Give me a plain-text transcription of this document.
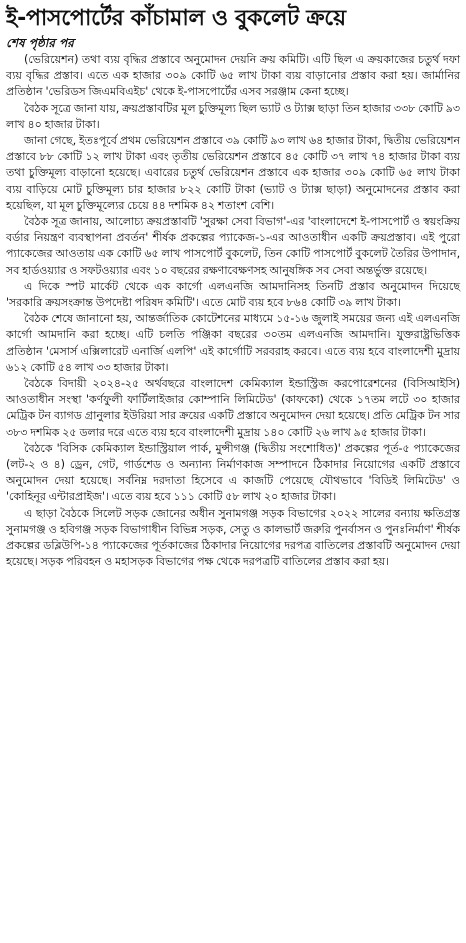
ই-পাসপোর্টের কাঁচামাল ও বুকলেট ক্রয়ে
শেষ পৃষ্ঠার পর

(ভেরিয়েশন) তথা ব্যয় বৃদ্ধির প্রস্তাবে অনুমোদন দেয়নি ক্রয় কমিটি। এটি ছিল এ ক্রয়কাজের চতুর্থ দফা ব্যয় বৃদ্ধির প্রস্তাব। এতে এক হাজার ৩০৯ কোটি ৬৫ লাখ টাকা ব্যয় বাড়ানোর প্রস্তাব করা হয়। জার্মানির প্রতিষ্ঠান 'ভেরিডস জিএমবিএইচ' থেকে ই-পাসপোর্টের এসব সরঞ্জাম কেনা হচ্ছে।

বৈঠক সূত্রে জানা যায়, ক্রয়প্রস্তাবটির মূল চুক্তিমূল্য ছিল ভ্যাট ও ট্যাক্স ছাড়া তিন হাজার ৩৩৮ কোটি ৯৩ লাখ ৪০ হাজার টাকা।

জানা গেছে, ইতঃপূর্বে প্রথম ভেরিয়েশন প্রস্তাবে ৩৯ কোটি ৯৩ লাখ ৬৪ হাজার টাকা, দ্বিতীয় ভেরিয়েশন প্রস্তাবে ৮৮ কোটি ১২ লাখ টাকা এবং তৃতীয় ভেরিয়েশন প্রস্তাবে ৪৫ কোটি ৩৭ লাখ ৭৪ হাজার টাকা ব্যয় তথা চুক্তিমূল্য বাড়ানো হয়েছে। এবারের চতুর্থ ভেরিয়েশন প্রস্তাবে এক হাজার ৩০৯ কোটি ৬৫ লাখ টাকা ব্যয় বাড়িয়ে মোট চুক্তিমূল্য চার হাজার ৮২২ কোটি টাকা (ভ্যাট ও ট্যাক্স ছাড়া) অনুমোদনের প্রস্তাব করা হয়েছিল, যা মূল চুক্তিমূল্যের চেয়ে ৪৪ দশমিক ৪২ শতাংশ বেশি।

বৈঠক সূত্র জানায়, আলোচ্য ক্রয়প্রস্তাবটি 'সুরক্ষা সেবা বিভাগ'-এর 'বাংলাদেশে ই-পাসপোর্ট ও স্বয়ংক্রিয় বর্ডার নিয়ন্ত্রণ ব্যবস্থাপনা প্রবর্তন' শীর্ষক প্রকল্পের প্যাকেজ-১-এর আওতাধীন একটি ক্রয়প্রস্তাব। এই পুরো প্যাকেজের আওতায় এক কোটি ৬৫ লাখ পাসপোর্ট বুকলেট, তিন কোটি পাসপোর্ট বুকলেট তৈরির উপাদান, সব হার্ডওয়্যার ও সফটওয়্যার এবং ১০ বছরের রক্ষণাবেক্ষণসহ আনুষঙ্গিক সব সেবা অন্তর্ভুক্ত রয়েছে।

এ দিকে স্পট মার্কেট থেকে এক কার্গো এলএনজি আমদানিসহ তিনটি প্রস্তাব অনুমোদন দিয়েছে 'সরকারি ক্রয়সংক্রান্ত উপদেষ্টা পরিষদ কমিটি'। এতে মোট ব্যয় হবে ৮৬৪ কোটি ৩৯ লাখ টাকা।

বৈঠক শেষে জানানো হয়, আন্তর্জাতিক কোটেশনের মাধ্যমে ১৫-১৬ জুলাই সময়ের জন্য এই এলএনজি কার্গো আমদানি করা হচ্ছে। এটি চলতি পঞ্জিকা বছরের ৩০তম এলএনজি আমদানি। যুক্তরাষ্ট্রভিত্তিক প্রতিষ্ঠান 'মেসার্স এক্সিলারেট এনার্জি এলপি' এই কার্গোটি সরবরাহ করবে। এতে ব্যয় হবে বাংলাদেশী মুদ্রায় ৬১২ কোটি ৫৪ লাখ ৩৩ হাজার টাকা।

বৈঠকে বিদায়ী ২০২৪-২৫ অর্থবছরে বাংলাদেশ কেমিক্যাল ইন্ডাস্ট্রিজ করপোরেশনের (বিসিআইসি) আওতাধীন সংস্থা 'কর্ণফুলী ফার্টিলাইজার কোম্পানি লিমিটেড' (কাফকো) থেকে ১৭তম লটে ৩০ হাজার মেট্রিক টন ব্যাগড গ্রানুলার ইউরিয়া সার ক্রয়ের একটি প্রস্তাবে অনুমোদন দেয়া হয়েছে। প্রতি মেট্রিক টন সার ৩৮৩ দশমিক ২৫ ডলার দরে এতে ব্যয় হবে বাংলাদেশী মুদ্রায় ১৪০ কোটি ২৬ লাখ ৯৫ হাজার টাকা।

বৈঠকে 'বিসিক কেমিক্যাল ইন্ডাস্ট্রিয়াল পার্ক, মুন্সীগঞ্জ (দ্বিতীয় সংশোধিত)' প্রকল্পের পূর্ত-৫ প্যাকেজের (লট-২ ও ৪) ড্রেন, গেট, গার্ডশেড ও অন্যান্য নির্মাণকাজ সম্পাদনে ঠিকাদার নিয়োগের একটি প্রস্তাবে অনুমোদন দেয়া হয়েছে। সর্বনিম্ন দরদাতা হিসেবে এ কাজটি পেয়েছে যৌথভাবে 'বিডিই লিমিটেড' ও 'কোহিনূর এন্টারপ্রাইজ'। এতে ব্যয় হবে ১১১ কোটি ৫৮ লাখ ২০ হাজার টাকা।

এ ছাড়া বৈঠকে সিলেট সড়ক জোনের অধীন সুনামগঞ্জ সড়ক বিভাগের ২০২২ সালের বন্যায় ক্ষতিগ্রস্ত সুনামগঞ্জ ও হবিগঞ্জ সড়ক বিভাগাধীন বিভিন্ন সড়ক, সেতু ও কালভার্ট জরুরি পুনর্বাসন ও পুনঃনির্মাণ' শীর্ষক প্রকল্পের ডব্লিউপি-১৪ প্যাকেজের পূর্তকাজের ঠিকাদার নিয়োগের দরপত্র বাতিলের প্রস্তাবটি অনুমোদন দেয়া হয়েছে। সড়ক পরিবহন ও মহাসড়ক বিভাগের পক্ষ থেকে দরপত্রটি বাতিলের প্রস্তাব করা হয়।
